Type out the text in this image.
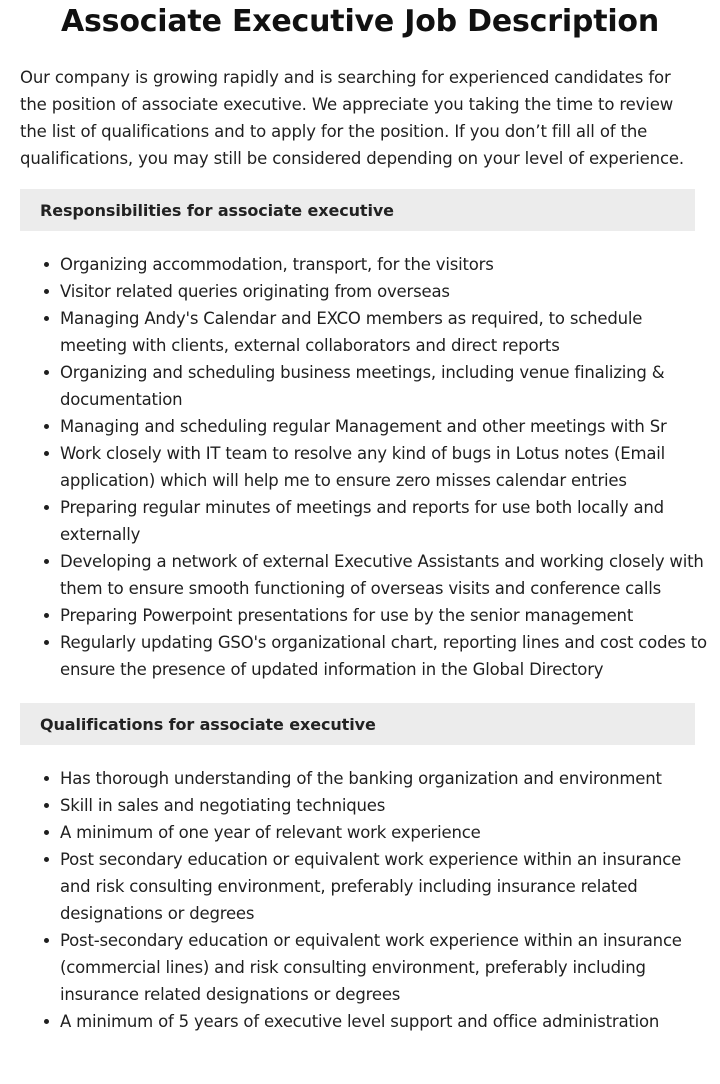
Associate Executive Job Description

Our company is growing rapidly and is searching for experienced candidates for the position of associate executive. We appreciate you taking the time to review the list of qualifications and to apply for the position. If you don’t fill all of the qualifications, you may still be considered depending on your level of experience.

Responsibilities for associate executive
Organizing accommodation, transport, for the visitors
Visitor related queries originating from overseas
Managing Andy's Calendar and EXCO members as required, to schedule meeting with clients, external collaborators and direct reports
Organizing and scheduling business meetings, including venue finalizing & documentation
Managing and scheduling regular Management and other meetings with Sr
Work closely with IT team to resolve any kind of bugs in Lotus notes (Email application) which will help me to ensure zero misses calendar entries
Preparing regular minutes of meetings and reports for use both locally and externally
Developing a network of external Executive Assistants and working closely with them to ensure smooth functioning of overseas visits and conference calls
Preparing Powerpoint presentations for use by the senior management
Regularly updating GSO's organizational chart, reporting lines and cost codes to ensure the presence of updated information in the Global Directory
Qualifications for associate executive
Has thorough understanding of the banking organization and environment
Skill in sales and negotiating techniques
A minimum of one year of relevant work experience
Post secondary education or equivalent work experience within an insurance and risk consulting environment, preferably including insurance related designations or degrees
Post-secondary education or equivalent work experience within an insurance (commercial lines) and risk consulting environment, preferably including insurance related designations or degrees
A minimum of 5 years of executive level support and office administration
